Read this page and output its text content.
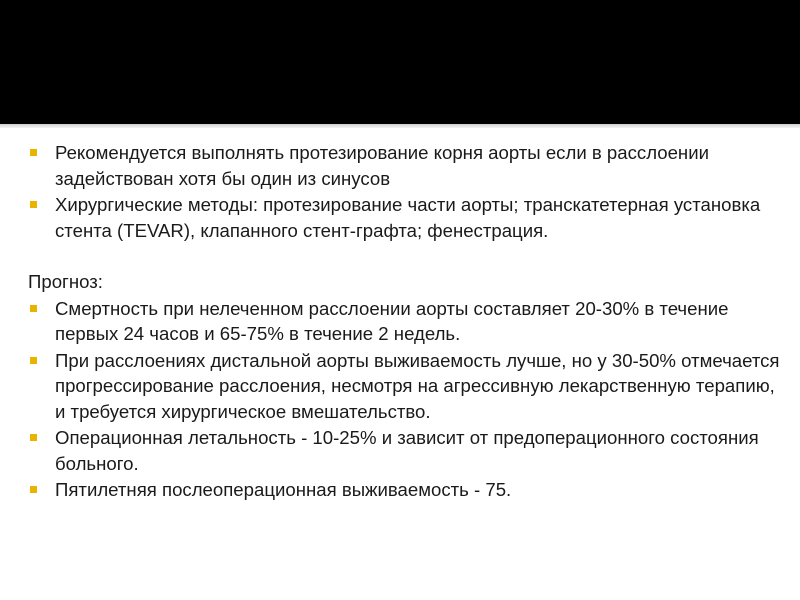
Рекомендуется выполнять протезирование корня аорты если в расслоении задействован хотя бы один из синусов
Хирургические методы: протезирование части аорты; транскатетерная установка стента (TEVAR), клапанного стент-графта; фенестрация.
Прогноз:
Смертность при нелеченном расслоении аорты составляет 20-30% в течение первых 24 часов и 65-75% в течение 2 недель.
При расслоениях дистальной аорты выживаемость лучше, но у 30-50% отмечается прогрессирование расслоения, несмотря на агрессивную лекарственную терапию, и требуется хирургическое вмешательство.
Операционная летальность - 10-25% и зависит от предоперационного состояния больного.
Пятилетняя послеоперационная выживаемость - 75.
